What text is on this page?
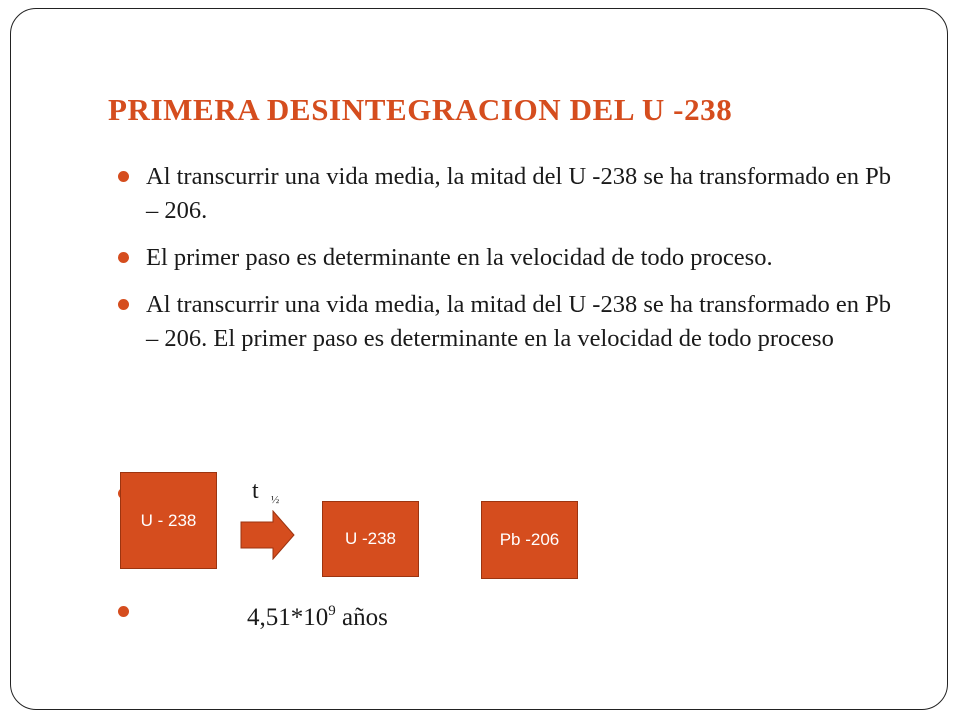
PRIMERA DESINTEGRACION DEL U -238
Al transcurrir una vida media, la mitad del U -238 se ha transformado en Pb – 206.
El primer paso es determinante en la velocidad de todo proceso.
Al transcurrir una vida media, la mitad del U -238 se ha transformado en Pb – 206. El primer paso es determinante en la velocidad de todo proceso
t ½
U - 238
U -238	Pb -206
$4,51*10^9$ años
